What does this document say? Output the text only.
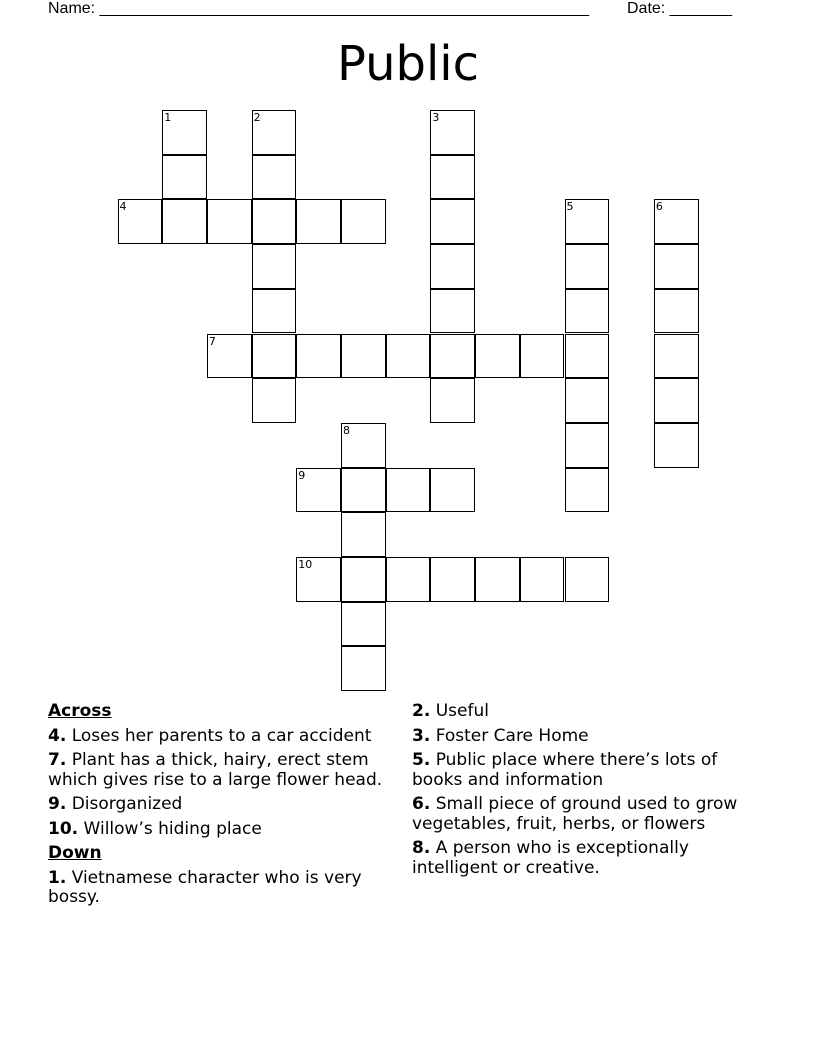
Name: _______________________________________________________ Date: _______
Public
1	2	3
4	5	6
7
8
9
10
Across
4. Loses her parents to a car accident
7. Plant has a thick, hairy, erect stem which gives rise to a large flower head.
9. Disorganized
10. Willow’s hiding place
Down
1. Vietnamese character who is very bossy.
2. Useful
3. Foster Care Home
5. Public place where there’s lots of books and information
6. Small piece of ground used to grow vegetables, fruit, herbs, or flowers
8. A person who is exceptionally intelligent or creative.
